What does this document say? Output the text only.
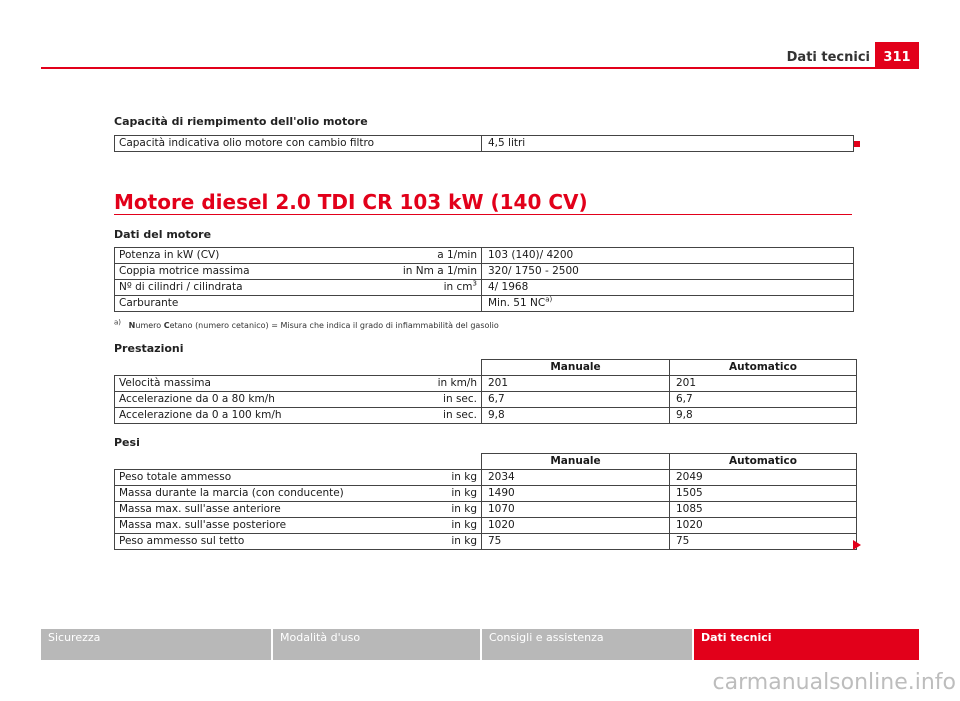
Dati tecnici	311
Capacità di riempimento dell'olio motore
Capacità indicativa olio motore con cambio filtro	4,5 litri
Motore diesel 2.0 TDI CR 103 kW (140 CV)
Dati del motore
Potenza in kW (CV) a 1/min	103 (140)/ 4200
Coppia motrice massima in Nm a 1/min	320/ 1750 - 2500
Nº di cilindri / cilindrata in $cm^3$	4/ 1968
Carburante	Min. 51 NC$^{a)}$
$^{a)}$ Numero Cetano (numero cetanico) = Misura che indica il grado di infiammabilità del gasolio
Prestazioni
	Manuale	Automatico
Velocità massima in km/h	201	201
Accelerazione da 0 a 80 km/h in sec.	6,7	6,7
Accelerazione da 0 a 100 km/h in sec.	9,8	9,8
Pesi
	Manuale	Automatico
Peso totale ammesso in kg	2034	2049
Massa durante la marcia (con conducente) in kg	1490	1505
Massa max. sull'asse anteriore in kg	1070	1085
Massa max. sull'asse posteriore in kg	1020	1020
Peso ammesso sul tetto in kg	75	75
Sicurezza	Modalità d'uso	Consigli e assistenza	Dati tecnici
carmanualsonline.info
